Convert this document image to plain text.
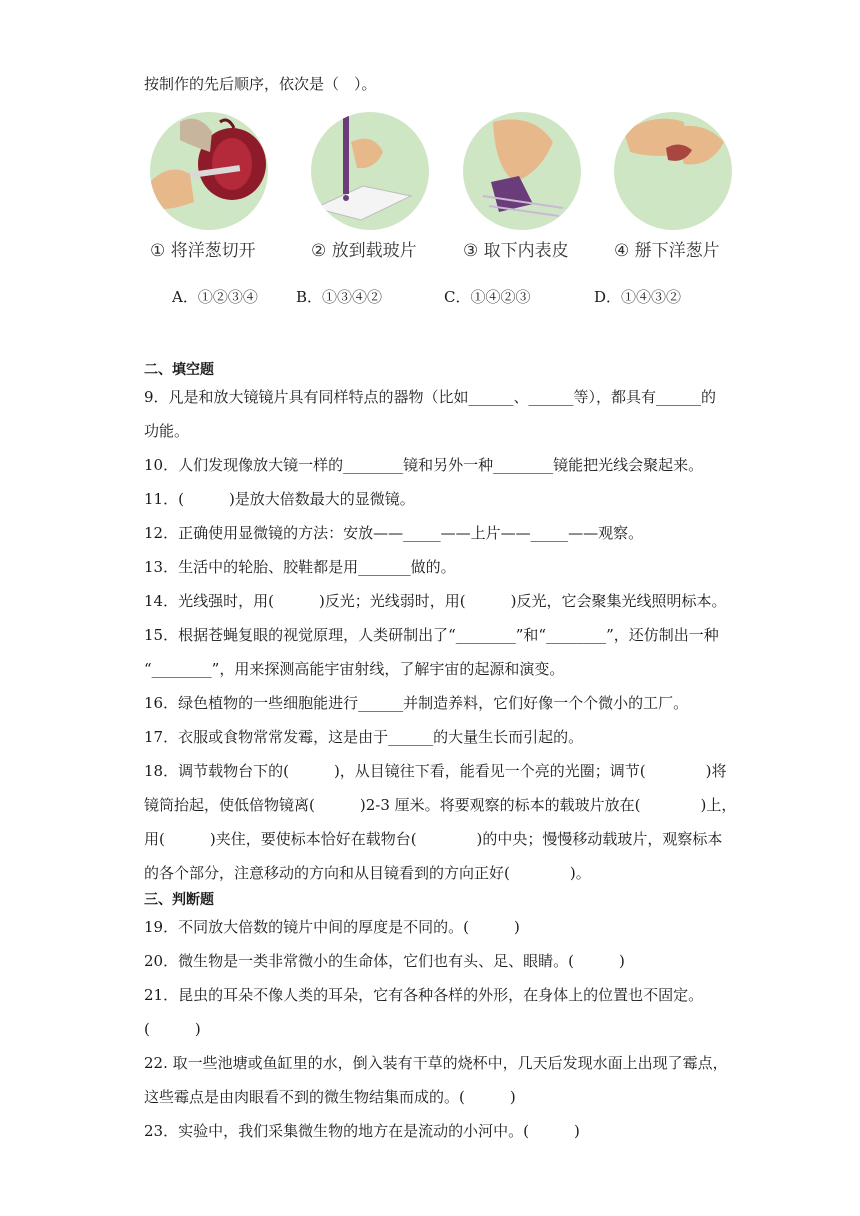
按制作的先后顺序，依次是（　）。
① 将洋葱切开	② 放到载玻片	③ 取下内表皮	④ 掰下洋葱片
A．①②③④	B．①③④②	C．①④②③	D．①④③②
二、填空题
9．凡是和放大镜镜片具有同样特点的器物（比如______、______等），都具有______的
功能。
10．人们发现像放大镜一样的________镜和另外一种________镜能把光线会聚起来。
11．(　　　)是放大倍数最大的显微镜。
12．正确使用显微镜的方法：安放——_____——上片——_____——观察。
13．生活中的轮胎、胶鞋都是用_______做的。
14．光线强时，用(　　　)反光；光线弱时，用(　　　)反光，它会聚集光线照明标本。
15．根据苍蝇复眼的视觉原理，人类研制出了“________”和“________”，还仿制出一种
“________”，用来探测高能宇宙射线，了解宇宙的起源和演变。
16．绿色植物的一些细胞能进行______并制造养料，它们好像一个个微小的工厂。
17．衣服或食物常常发霉，这是由于______的大量生长而引起的。
18．调节载物台下的(　　　)，从目镜往下看，能看见一个亮的光圈；调节(　　　　)将
镜筒抬起，使低倍物镜离(　　　)2-3 厘米。将要观察的标本的载玻片放在(　　　　)上，
用(　　　)夹住，要使标本恰好在载物台(　　　　)的中央；慢慢移动载玻片，观察标本
的各个部分，注意移动的方向和从目镜看到的方向正好(　　　　)。
三、判断题
19．不同放大倍数的镜片中间的厚度是不同的。(　　　)
20．微生物是一类非常微小的生命体，它们也有头、足、眼睛。(　　　)
21．昆虫的耳朵不像人类的耳朵，它有各种各样的外形，在身体上的位置也不固定。
(　　　)
22. 取一些池塘或鱼缸里的水，倒入装有干草的烧杯中，几天后发现水面上出现了霉点，
这些霉点是由肉眼看不到的微生物结集而成的。(　　　)
23．实验中，我们采集微生物的地方在是流动的小河中。(　　　)
